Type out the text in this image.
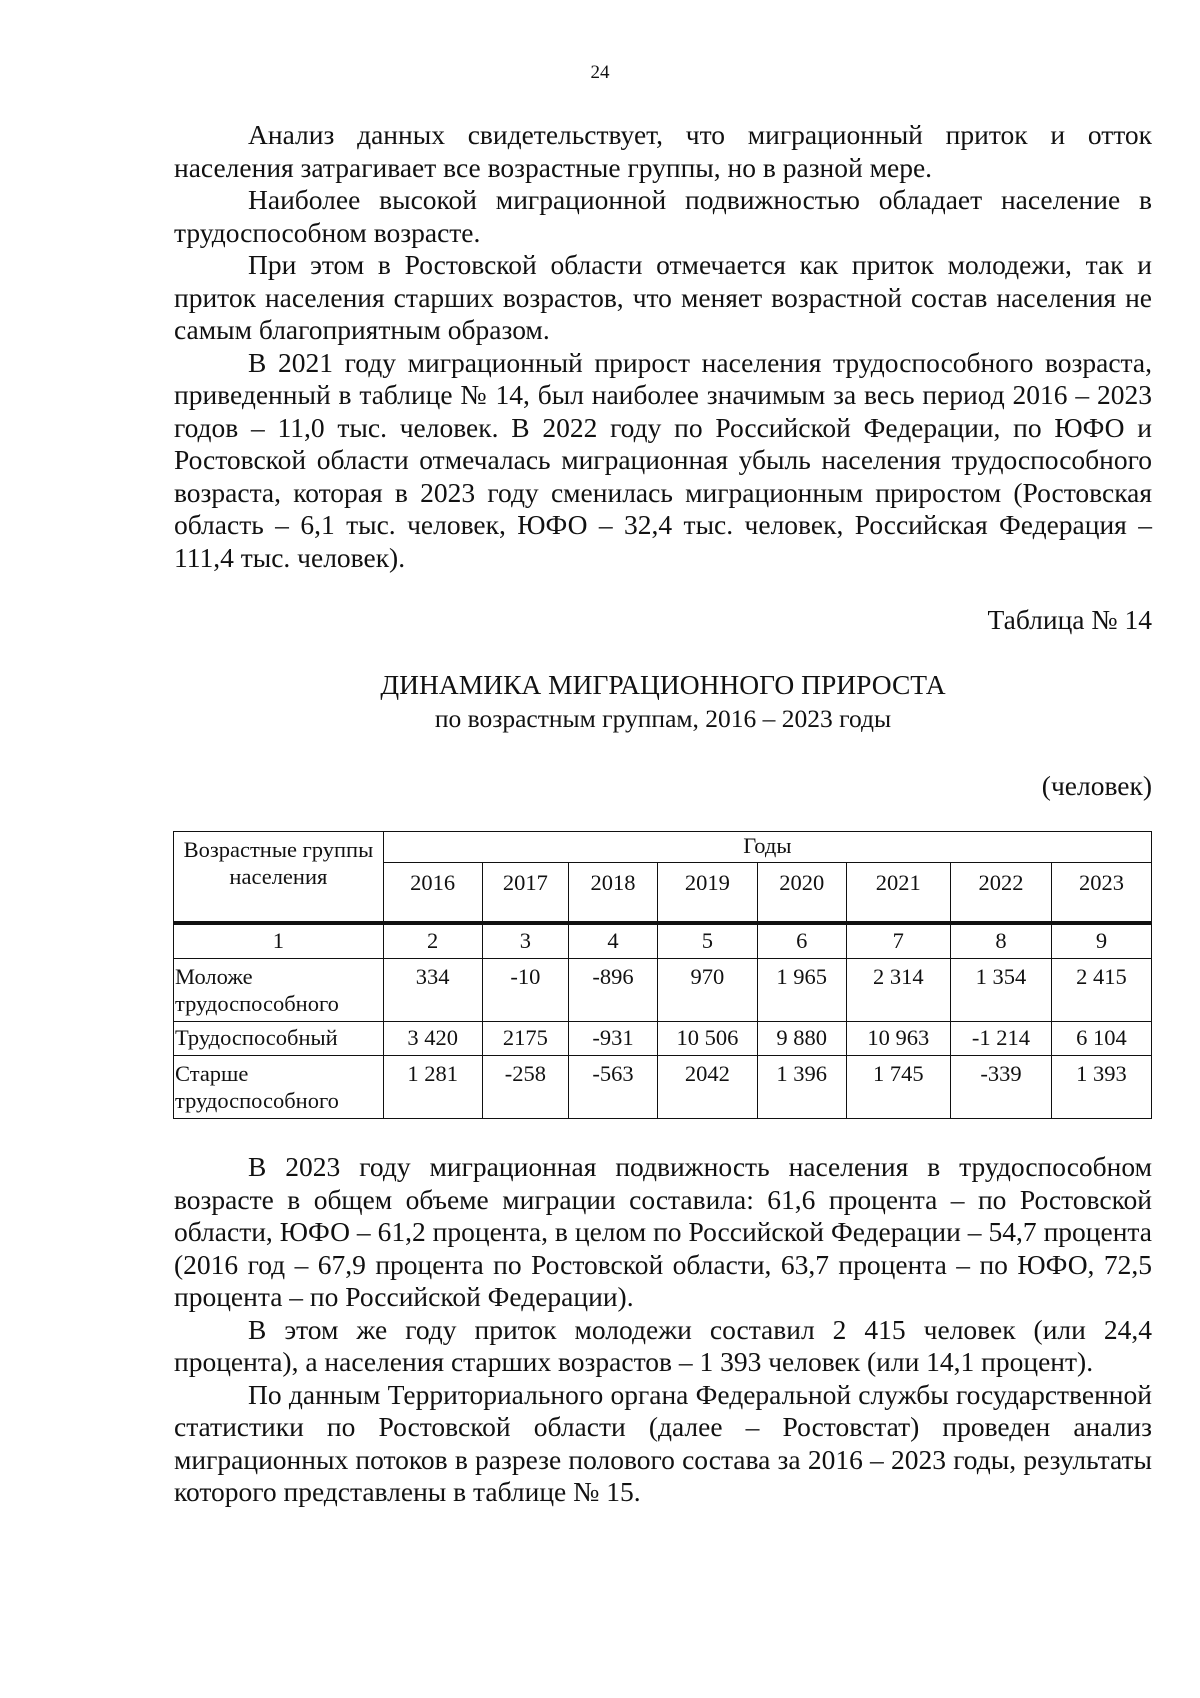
24

Анализ данных свидетельствует, что миграционный приток и отток населения затрагивает все возрастные группы, но в разной мере.

Наиболее высокой миграционной подвижностью обладает население в трудоспособном возрасте.

При этом в Ростовской области отмечается как приток молодежи, так и приток населения старших возрастов, что меняет возрастной состав населения не самым благоприятным образом.

В 2021 году миграционный прирост населения трудоспособного возраста, приведенный в таблице № 14, был наиболее значимым за весь период 2016 – 2023 годов – 11,0 тыс. человек. В 2022 году по Российской Федерации, по ЮФО и Ростовской области отмечалась миграционная убыль населения трудоспособного возраста, которая в 2023 году сменилась миграционным приростом (Ростовская область – 6,1 тыс. человек, ЮФО – 32,4 тыс. человек, Российская Федерация – 111,4 тыс. человек).

Таблица № 14
ДИНАМИКА МИГРАЦИОННОГО ПРИРОСТА
по возрастным группам, 2016 – 2023 годы
(человек)
Возрастные группы населения	Годы							
	2016	2017	2018	2019	2020	2021	2022	2023
1	2	3	4	5	6	7	8	9
Моложе трудоспособного	334	-10	-896	970	1 965	2 314	1 354	2 415
Трудоспособный	3 420	2175	-931	10 506	9 880	10 963	-1 214	6 104
Старше трудоспособного	1 281	-258	-563	2042	1 396	1 745	-339	1 393

В 2023 году миграционная подвижность населения в трудоспособном возрасте в общем объеме миграции составила: 61,6 процента – по Ростовской области, ЮФО – 61,2 процента, в целом по Российской Федерации – 54,7 процента (2016 год – 67,9 процента по Ростовской области, 63,7 процента – по ЮФО, 72,5 процента – по Российской Федерации).

В этом же году приток молодежи составил 2 415 человек (или 24,4 процента), а населения старших возрастов – 1 393 человек (или 14,1 процент).

По данным Территориального органа Федеральной службы государственной статистики по Ростовской области (далее – Ростовстат) проведен анализ миграционных потоков в разрезе полового состава за 2016 – 2023 годы, результаты которого представлены в таблице № 15.
